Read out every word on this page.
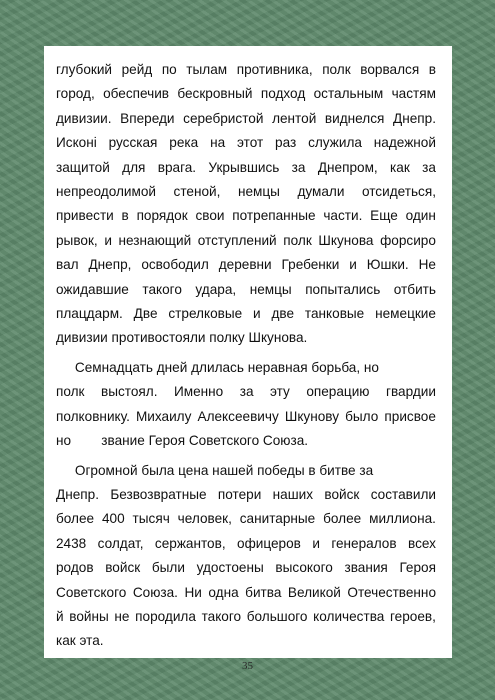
глубокий рейд по тылам противника, полк ворвался в
город, обеспечив бескровный подход остальным частям
дивизии. Впереди серебристой лентой виднелся Днепр.
Исконі русская река на этот раз служила надежной
защитой для врага. Укрывшись за Днепром, как за
непреодолимой стеной, немцы думали отсидеться,
привести в порядок свои потрепанные части. Еще один
рывок, и незнающий отступлений полк Шкунова форсиро
вал Днепр, освободил деревни Гребенки и Юшки. Не
ожидавшие такого удара, немцы попытались отбить
плацдарм. Две стрелковые и две танковые немецкие
дивизии противостояли полку Шкунова.
Семнадцать дней длилась неравная борьба, но
полк выстоял. Именно за эту операцию гвардии
полковнику. Михаилу Алексеевичу Шкунову было присвое
но        звание Героя Советского Союза.
Огромной была цена нашей победы в битве за
Днепр. Безвозвратные потери наших войск составили
более 400 тысяч человек, санитарные более миллиона.
2438 солдат, сержантов, офицеров и генералов всех
родов войск были удостоены высокого звания Героя
Советского Союза. Ни одна битва Великой Отечественно
й войны не породила такого большого количества героев,
как эта.
35
